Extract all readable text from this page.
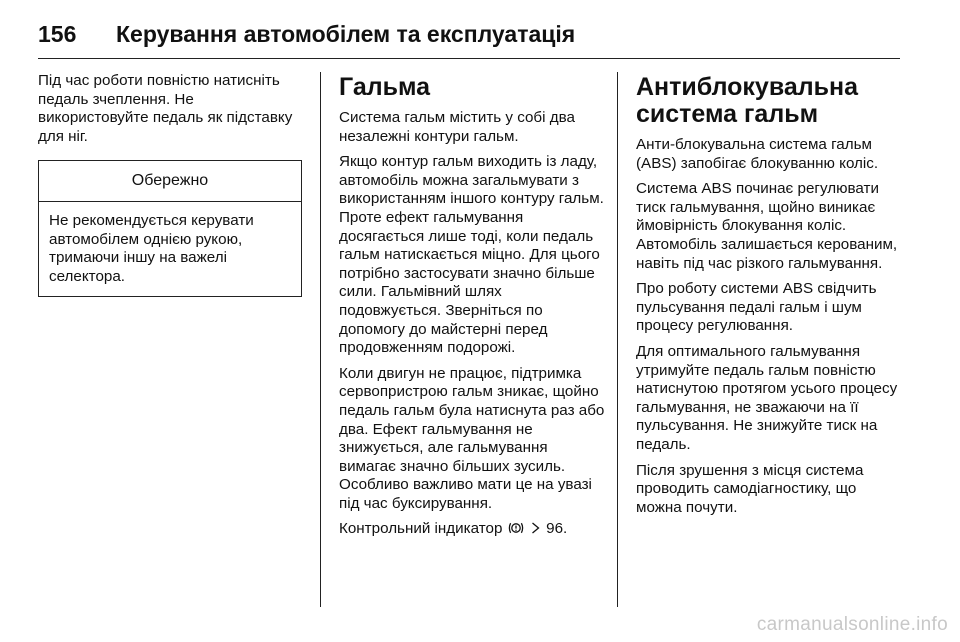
156 Керування автомобілем та експлуатація

Під час роботи повністю натисніть педаль зчеплення. Не використовуйте педаль як підставку для ніг.

Обережно
Не рекомендується керувати автомобілем однією рукою, тримаючи іншу на важелі селектора.
Гальма

Система гальм містить у собі два незалежні контури гальм.

Якщо контур гальм виходить із ладу, автомобіль можна загальмувати з використанням іншого контуру гальм. Проте ефект гальмування досягається лише тоді, коли педаль гальм натискається міцно. Для цього потрібно застосувати значно більше сили. Гальмівний шлях подовжується. Зверніться по допомогу до майстерні перед продовженням подорожі.

Коли двигун не працює, підтримка сервопристрою гальм зникає, щойно педаль гальм була натиснута раз або два. Ефект гальмування не знижується, але гальмування вимагає значно більших зусиль. Особливо важливо мати це на увазі під час буксирування.

Контрольний індикатор	96.

Антиблокувальна система гальм

Анти-блокувальна система гальм (ABS) запобігає блокуванню коліс.

Система ABS починає регулювати тиск гальмування, щойно виникає ймовірність блокування коліс. Автомобіль залишається керованим, навіть під час різкого гальмування.

Про роботу системи ABS свідчить пульсування педалі гальм і шум процесу регулювання.

Для оптимального гальмування утримуйте педаль гальм повністю натиснутою протягом усього процесу гальмування, не зважаючи на її пульсування. Не знижуйте тиск на педаль.

Після зрушення з місця система проводить самодіагностику, що можна почути.

carmanualsonline.info
